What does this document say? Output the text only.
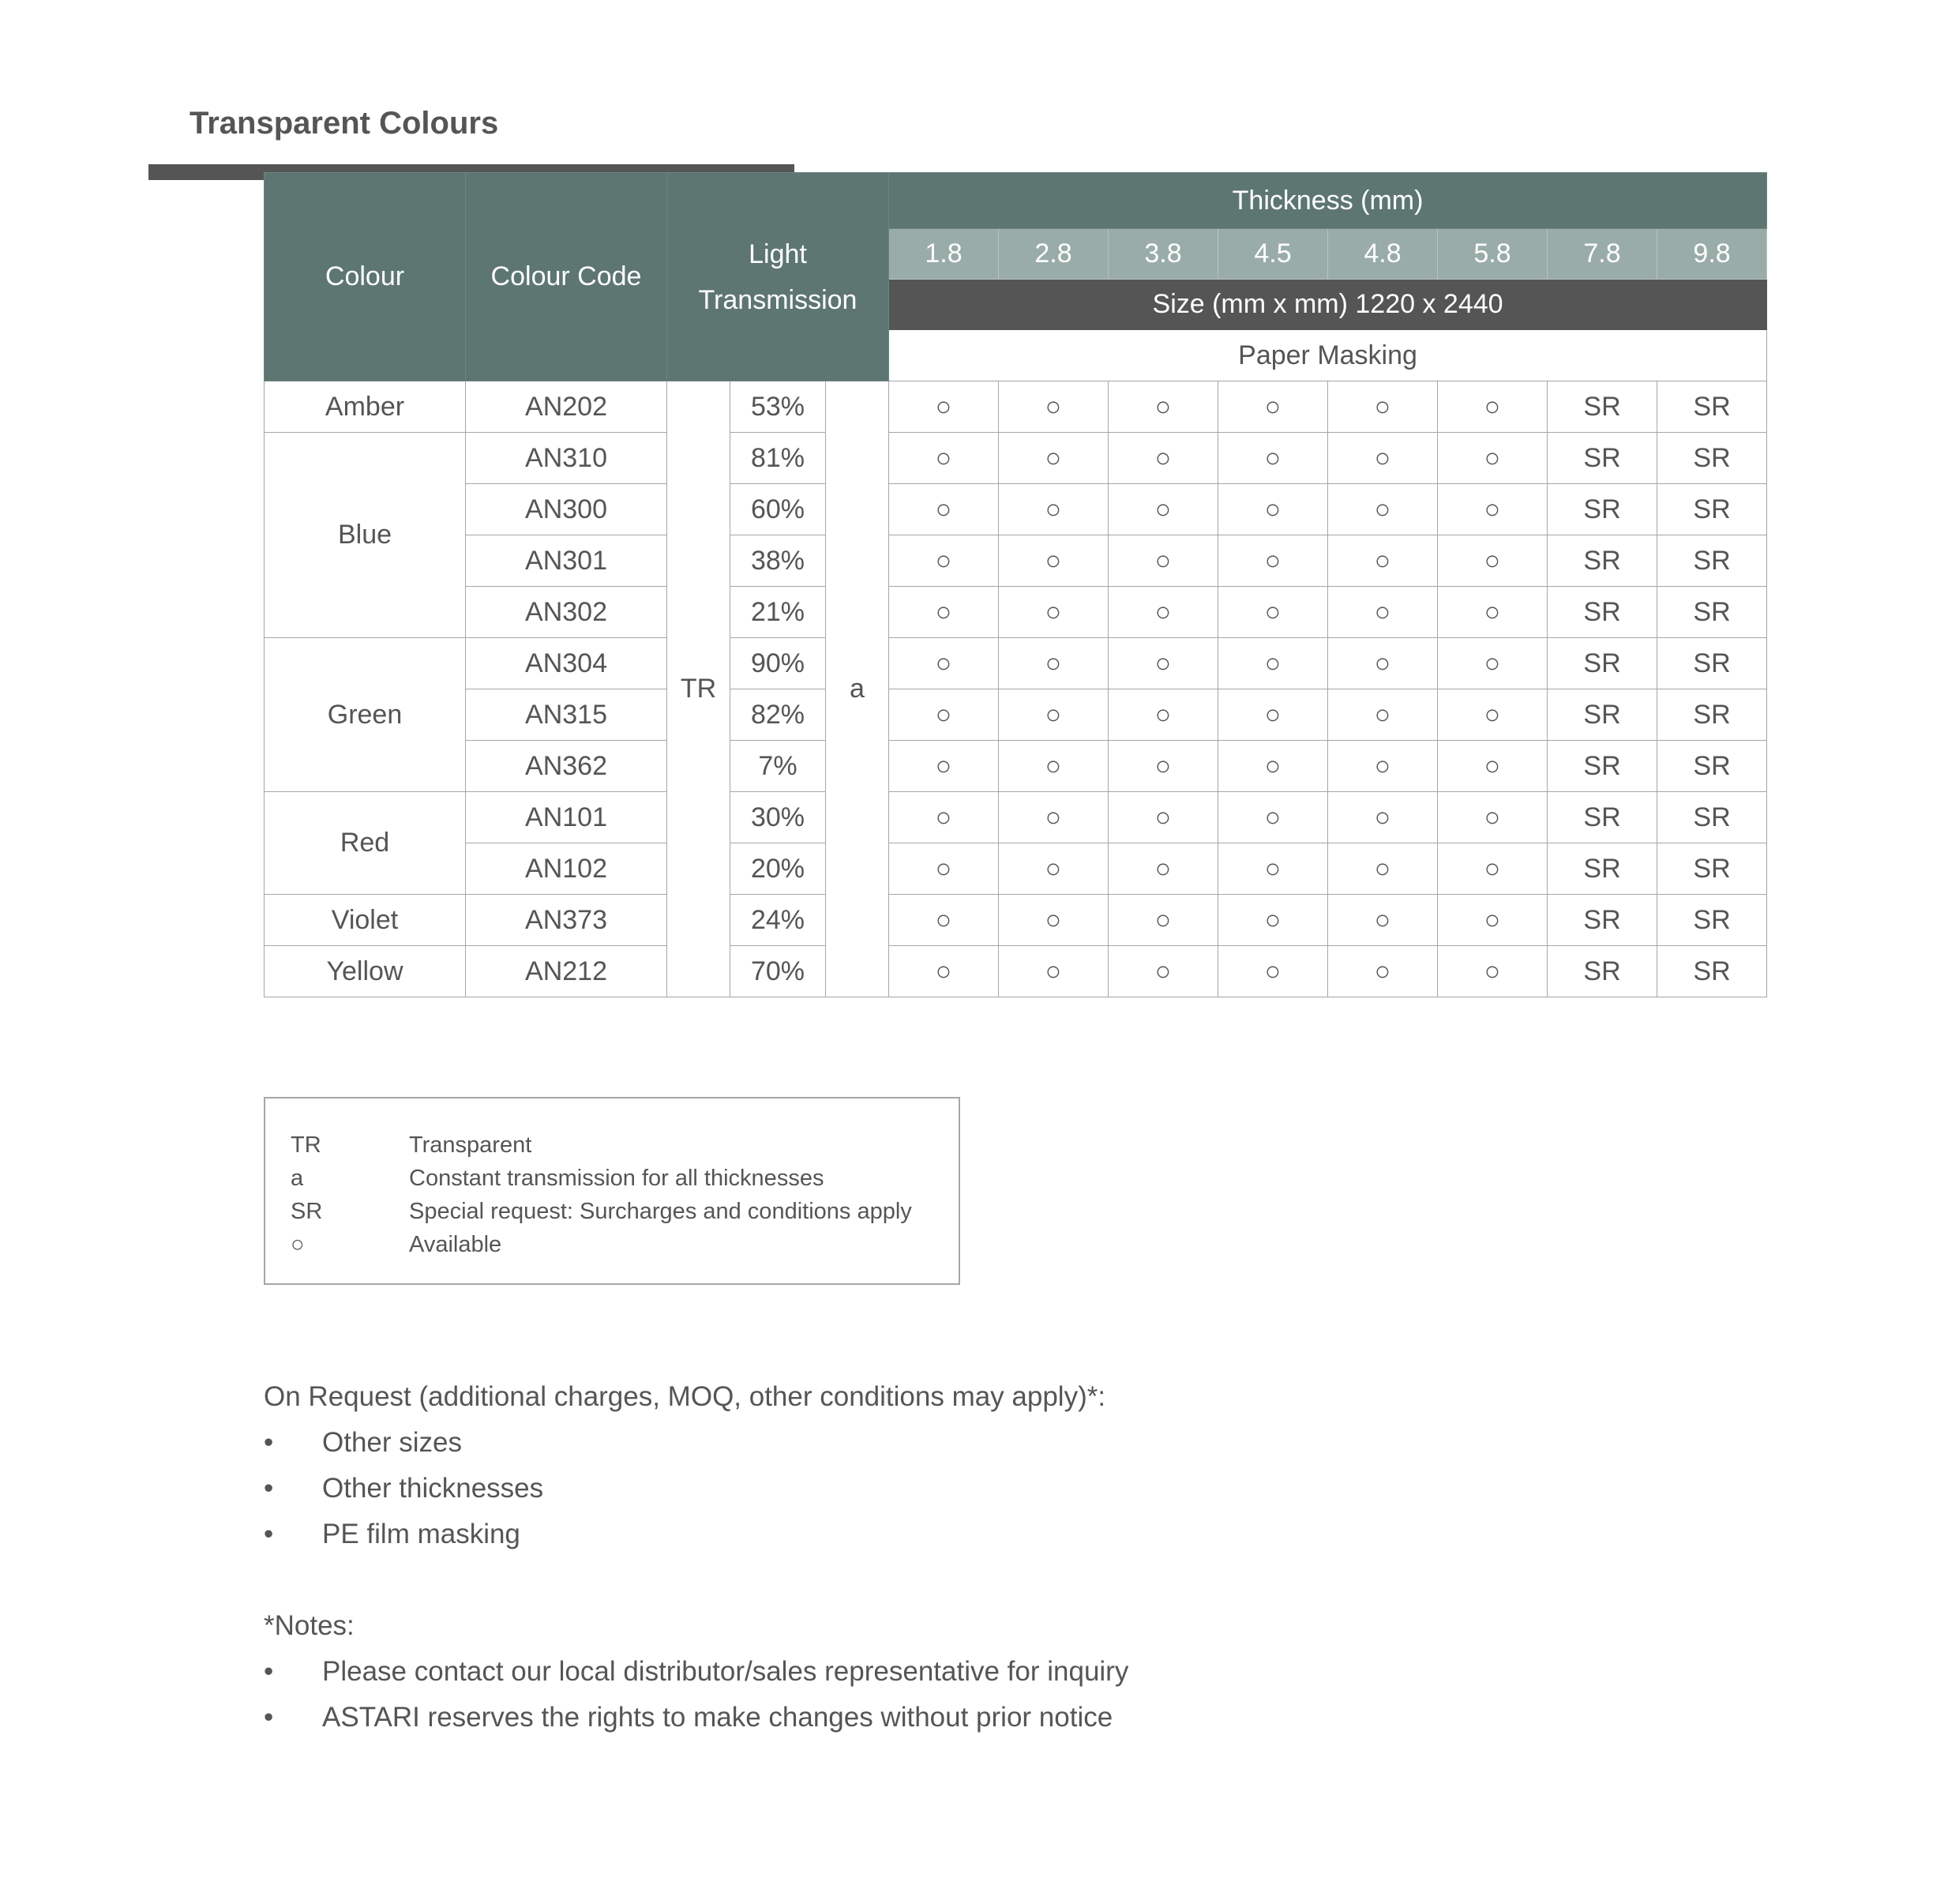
Transparent Colours
Colour	Colour Code	Light
Transmission			Thickness (mm)							
					1.8	2.8	3.8	4.5	4.8	5.8	7.8	9.8
					Size (mm x mm) 1220 x 2440							
					Paper Masking							
Amber	AN202	TR	53%	a	○	○	○	○	○	○	SR	SR
Blue	AN310		81%		○	○	○	○	○	○	SR	SR
	AN300		60%		○	○	○	○	○	○	SR	SR
	AN301		38%		○	○	○	○	○	○	SR	SR
	AN302		21%		○	○	○	○	○	○	SR	SR
Green	AN304		90%		○	○	○	○	○	○	SR	SR
	AN315		82%		○	○	○	○	○	○	SR	SR
	AN362		7%		○	○	○	○	○	○	SR	SR
Red	AN101		30%		○	○	○	○	○	○	SR	SR
	AN102		20%		○	○	○	○	○	○	SR	SR
Violet	AN373		24%		○	○	○	○	○	○	SR	SR
Yellow	AN212		70%		○	○	○	○	○	○	SR	SR
TR	Transparent
a	Constant transmission for all thicknesses
SR	Special request: Surcharges and conditions apply
○	Available
On Request (additional charges, MOQ, other conditions may apply)*:
•	Other sizes
•	Other thicknesses
•	PE film masking
*Notes:
•	Please contact our local distributor/sales representative for inquiry
•	ASTARI reserves the rights to make changes without prior notice
